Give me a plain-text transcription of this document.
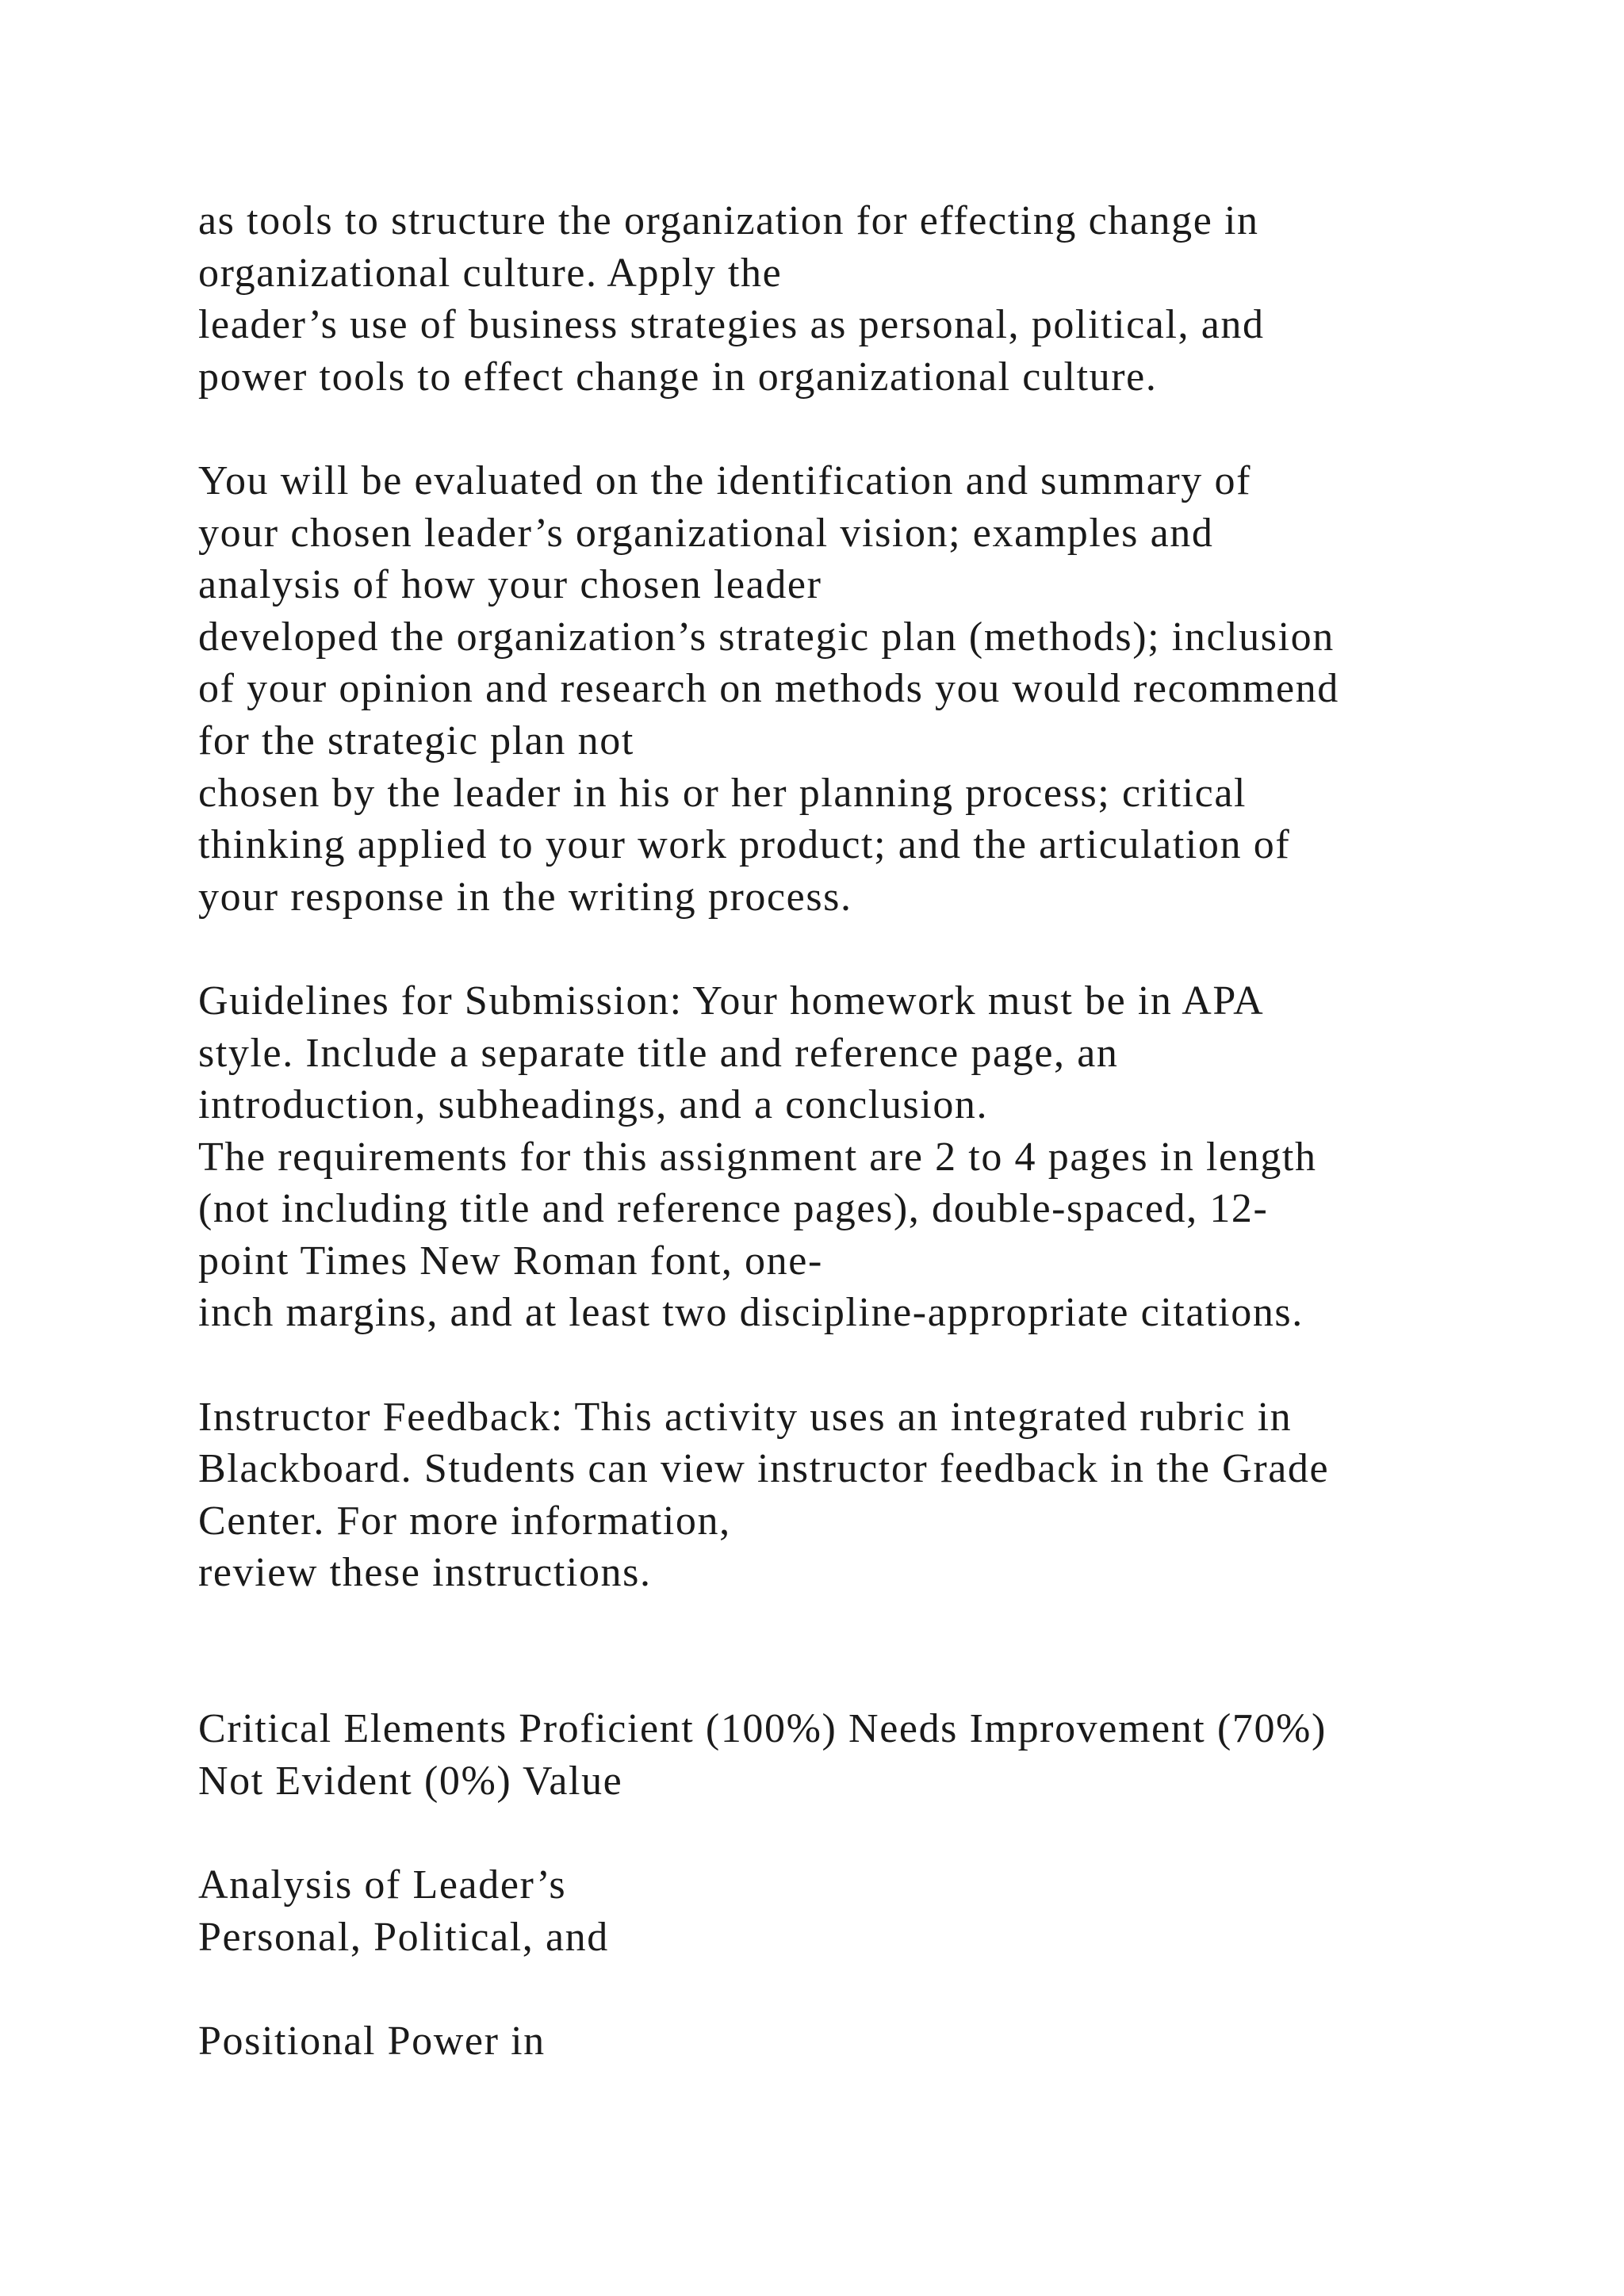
as tools to structure the organization for effecting change in
organizational culture. Apply the
leader’s use of business strategies as personal, political, and
power tools to effect change in organizational culture.
You will be evaluated on the identification and summary of
your chosen leader’s organizational vision; examples and
analysis of how your chosen leader
developed the organization’s strategic plan (methods); inclusion
of your opinion and research on methods you would recommend
for the strategic plan not
chosen by the leader in his or her planning process; critical
thinking applied to your work product; and the articulation of
your response in the writing process.
Guidelines for Submission: Your homework must be in APA
style. Include a separate title and reference page, an
introduction, subheadings, and a conclusion.
The requirements for this assignment are 2 to 4 pages in length
(not including title and reference pages), double-spaced, 12-
point Times New Roman font, one-
inch margins, and at least two discipline-appropriate citations.
Instructor Feedback: This activity uses an integrated rubric in
Blackboard. Students can view instructor feedback in the Grade
Center. For more information,
review these instructions.
Critical Elements Proficient (100%) Needs Improvement (70%)
Not Evident (0%) Value
Analysis of Leader’s
Personal, Political, and
Positional Power in
